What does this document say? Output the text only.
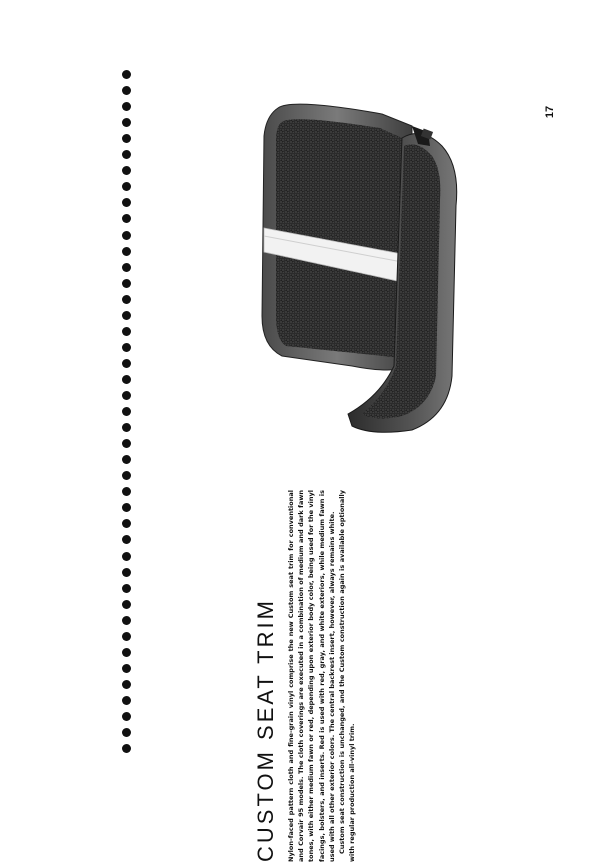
17
CUSTOM SEAT TRIM Nylon-faced pattern cloth and fine-grain vinyl comprise the new Custom seat trim for conventional and Corvair 95 models. The cloth coverings are executed in a combination of medium and dark fawn tones, with either medium fawn or red, depending upon exterior body color, being used for the vinyl facings, bolsters, and inserts. Red is used with red, gray, and white exteriors, while medium fawn is used with all other exterior colors. The central backrest insert, however, always remains white. Custom seat construction is unchanged, and the Custom construction again is available optionally with regular production all-vinyl trim.
